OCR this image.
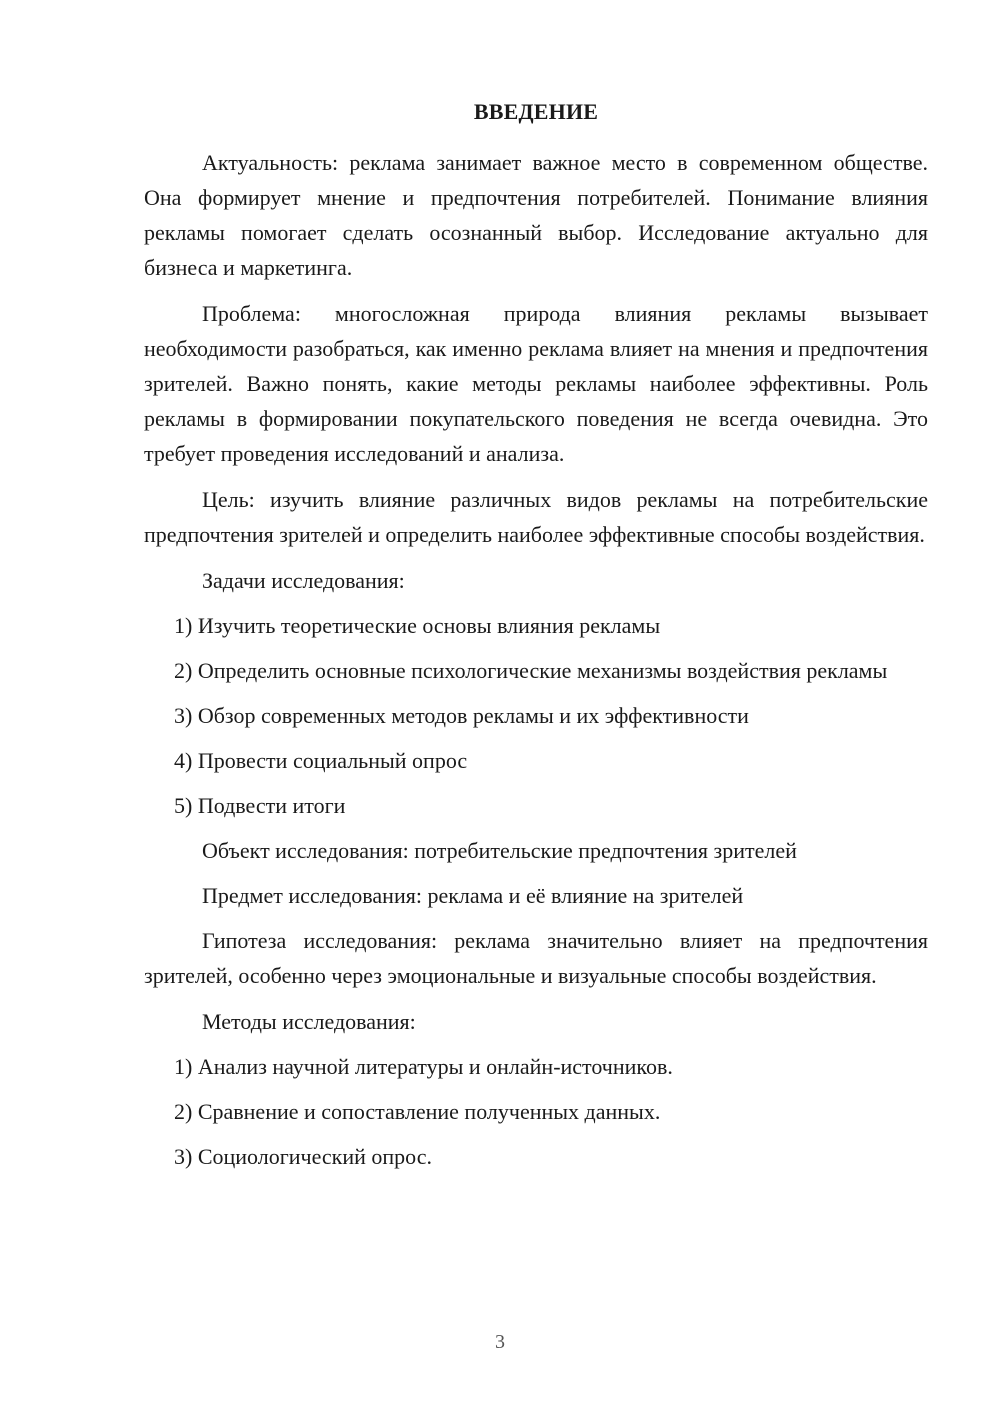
ВВЕДЕНИЕ

Актуальность: реклама занимает важное место в современном обществе. Она формирует мнение и предпочтения потребителей. Понимание влияния рекламы помогает сделать осознанный выбор. Исследование актуально для бизнеса и маркетинга.

Проблема: многосложная природа влияния рекламы вызывает необходимости разобраться, как именно реклама влияет на мнения и предпочтения зрителей. Важно понять, какие методы рекламы наиболее эффективны. Роль рекламы в формировании покупательского поведения не всегда очевидна. Это требует проведения исследований и анализа.

Цель: изучить влияние различных видов рекламы на потребительские предпочтения зрителей и определить наиболее эффективные способы воздействия.

Задачи исследования:

1) Изучить теоретические основы влияния рекламы

2) Определить основные психологические механизмы воздействия рекламы

3) Обзор современных методов рекламы и их эффективности

4) Провести социальный опрос

5) Подвести итоги

Объект исследования: потребительские предпочтения зрителей

Предмет исследования: реклама и её влияние на зрителей

Гипотеза исследования: реклама значительно влияет на предпочтения зрителей, особенно через эмоциональные и визуальные способы воздействия.

Методы исследования:

1) Анализ научной литературы и онлайн-источников.

2) Сравнение и сопоставление полученных данных.

3) Социологический опрос.

3
